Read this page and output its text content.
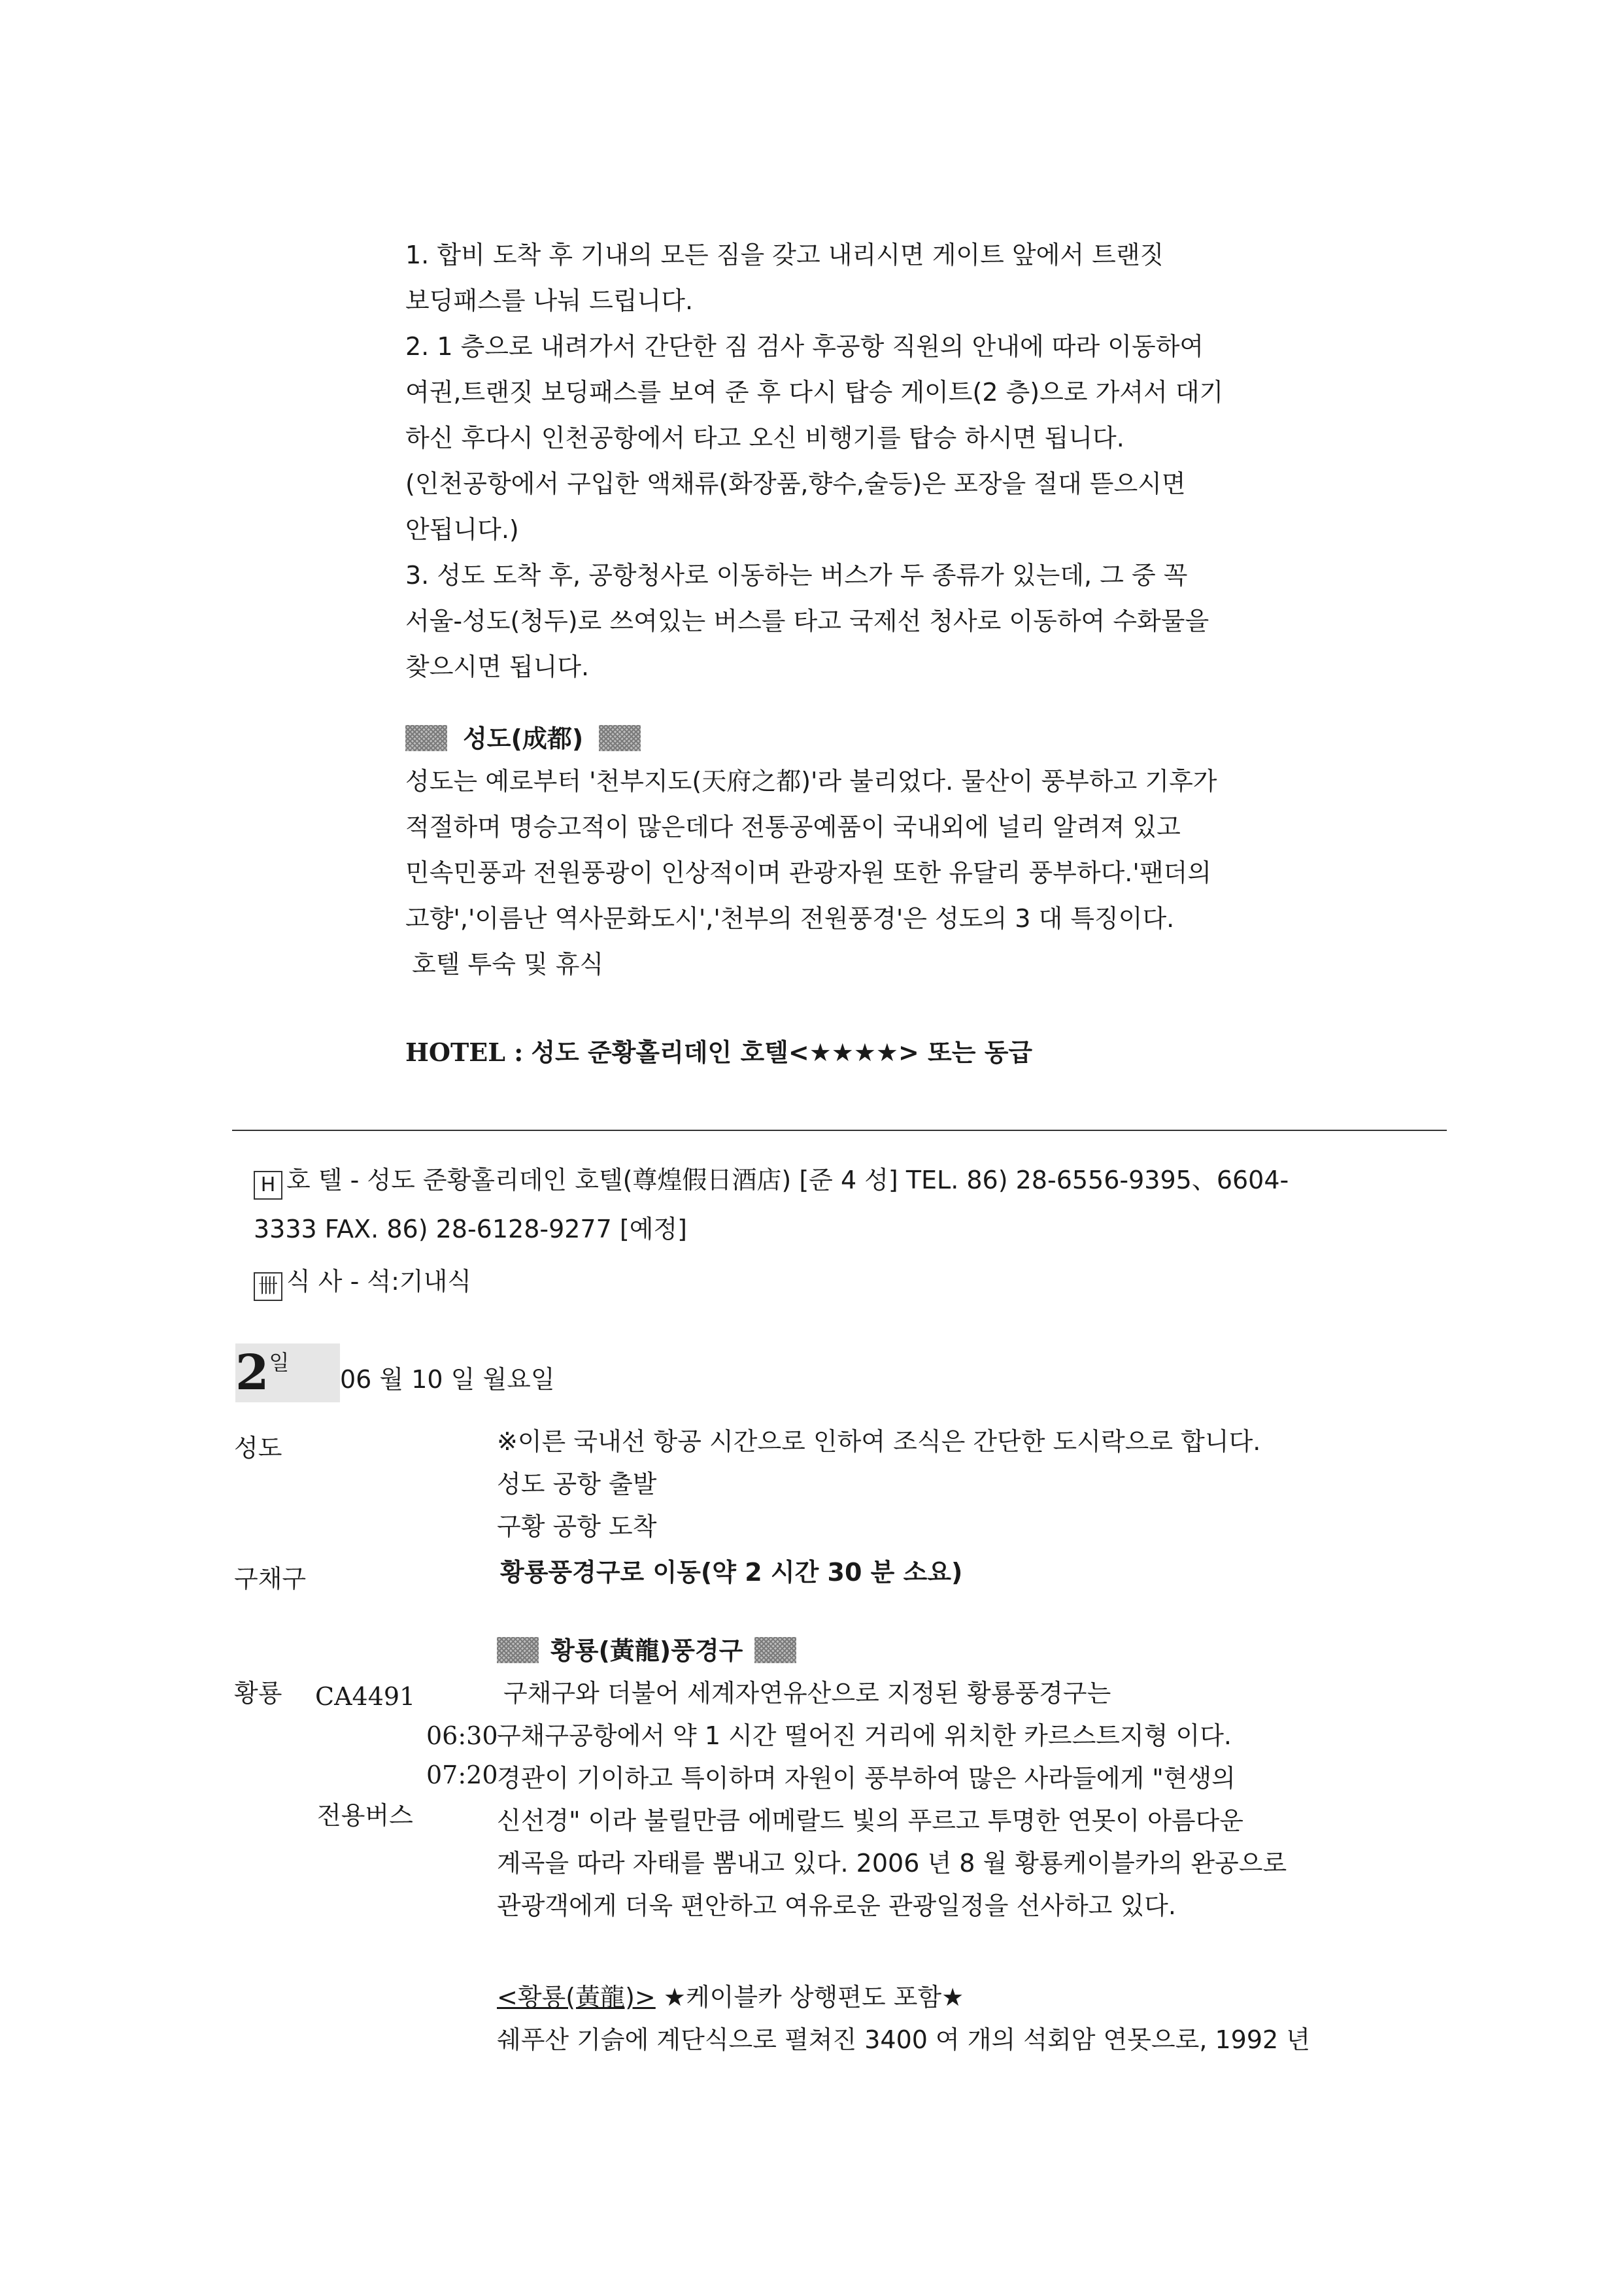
1. 합비 도착 후 기내의 모든 짐을 갖고 내리시면 게이트 앞에서 트랜짓
보딩패스를 나눠 드립니다.
2. 1 층으로 내려가서 간단한 짐 검사 후공항 직원의 안내에 따라 이동하여
여권,트랜짓 보딩패스를 보여 준 후 다시 탑승 게이트(2 층)으로 가셔서 대기
하신 후다시 인천공항에서 타고 오신 비행기를 탑승 하시면 됩니다.
(인천공항에서 구입한 액채류(화장품,향수,술등)은 포장을 절대 뜯으시면
안됩니다.)
3. 성도 도착 후, 공항청사로 이동하는 버스가 두 종류가 있는데, 그 중 꼭
서울-성도(청두)로 쓰여있는 버스를 타고 국제선 청사로 이동하여 수화물을
찾으시면 됩니다.
성도(成都)
성도는 예로부터 '천부지도(天府之都)'라 불리었다. 물산이 풍부하고 기후가
적절하며 명승고적이 많은데다 전통공예품이 국내외에 널리 알려져 있고
민속민풍과 전원풍광이 인상적이며 관광자원 또한 유달리 풍부하다.'팬더의
고향','이름난 역사문화도시','천부의 전원풍경'은 성도의 3 대 특징이다.
호텔 투숙 및 휴식
HOTEL : 성도 준황홀리데인 호텔<★★★★> 또는 동급
H 호 텔 - 성도 준황홀리데인 호텔(尊煌假日酒店) [준 4 성] TEL. 86) 28-6556-9395、6604-
3333 FAX. 86) 28-6128-9277 [예정]
卌 식 사 - 석:기내식
2일
06 월 10 일 월요일
성도
구채구
황룡 CA4491
06:30
07:20
전용버스
※이른 국내선 항공 시간으로 인하여 조식은 간단한 도시락으로 합니다.
성도 공항 출발
구황 공항 도착
황룡풍경구로 이동(약 2 시간 30 분 소요)
황룡(黃龍)풍경구
구채구와 더불어 세계자연유산으로 지정된 황룡풍경구는
구채구공항에서 약 1 시간 떨어진 거리에 위치한 카르스트지형 이다.
경관이 기이하고 특이하며 자원이 풍부하여 많은 사라들에게 "현생의
신선경" 이라 불릴만큼 에메랄드 빛의 푸르고 투명한 연못이 아름다운
계곡을 따라 자태를 뽐내고 있다. 2006 년 8 월 황룡케이블카의 완공으로
관광객에게 더욱 편안하고 여유로운 관광일정을 선사하고 있다.
<황룡(黃龍)> ★케이블카 상행편도 포함★
쉐푸산 기슭에 계단식으로 펼쳐진 3400 여 개의 석회암 연못으로, 1992 년
